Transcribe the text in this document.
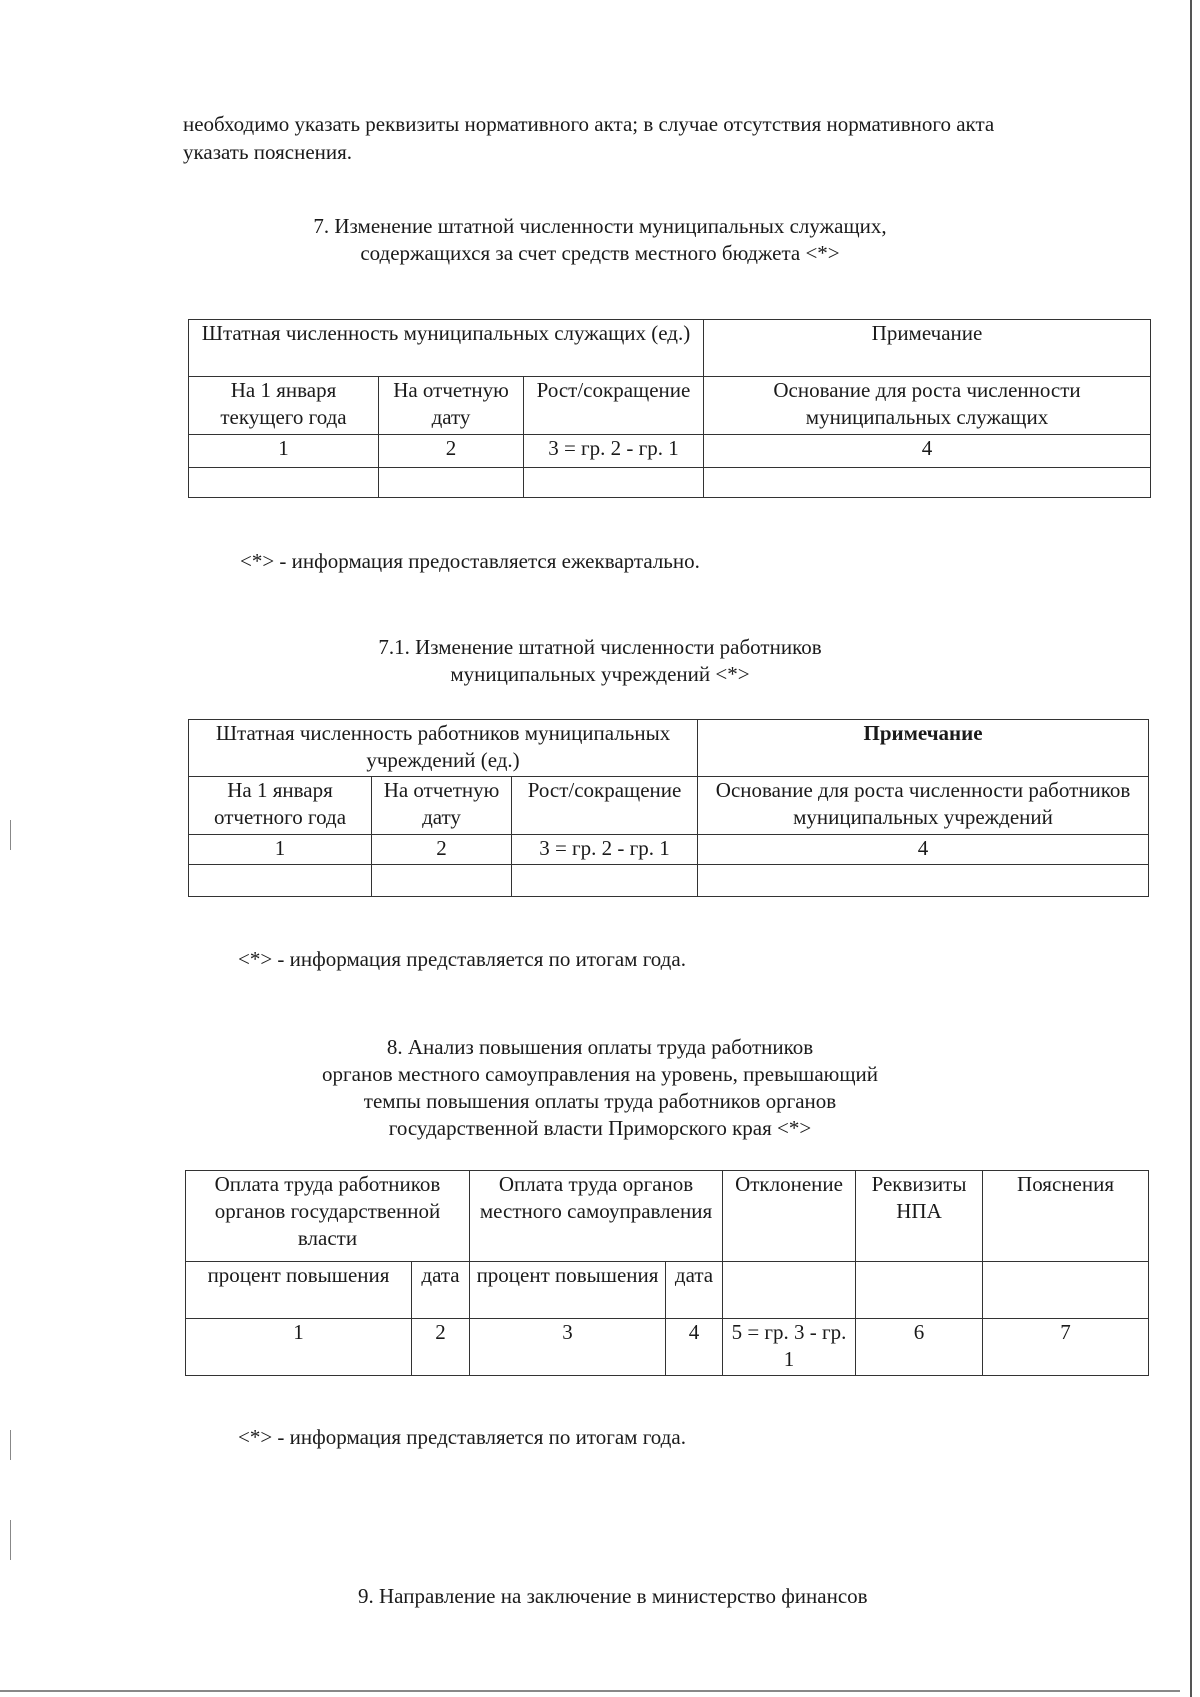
необходимо указать реквизиты нормативного акта; в случае отсутствия нормативного акта
указать пояснения.
7. Изменение штатной численности муниципальных служащих,
содержащихся за счет средств местного бюджета <*>
Штатная численность муниципальных служащих (ед.)			Примечание
На 1 января текущего года	На отчетную дату	Рост/сокращение	Основание для роста численности муниципальных служащих
1	2	3 = гр. 2 - гр. 1	4

<*> - информация предоставляется ежеквартально.
7.1. Изменение штатной численности работников
муниципальных учреждений <*>
Штатная численность работников муниципальных учреждений (ед.)			Примечание
На 1 января отчетного года	На отчетную дату	Рост/сокращение	Основание для роста численности работников муниципальных учреждений
1	2	3 = гр. 2 - гр. 1	4

<*> - информация представляется по итогам года.
8. Анализ повышения оплаты труда работников
органов местного самоуправления на уровень, превышающий
темпы повышения оплаты труда работников органов
государственной власти Приморского края <*>
Оплата труда работников органов государственной власти		Оплата труда органов местного самоуправления		Отклонение	Реквизиты НПА	Пояснения
процент повышения	дата	процент повышения	дата			
1	2	3	4	5 = гр. 3 - гр. 1	6	7
<*> - информация представляется по итогам года.
9. Направление на заключение в министерство финансов
